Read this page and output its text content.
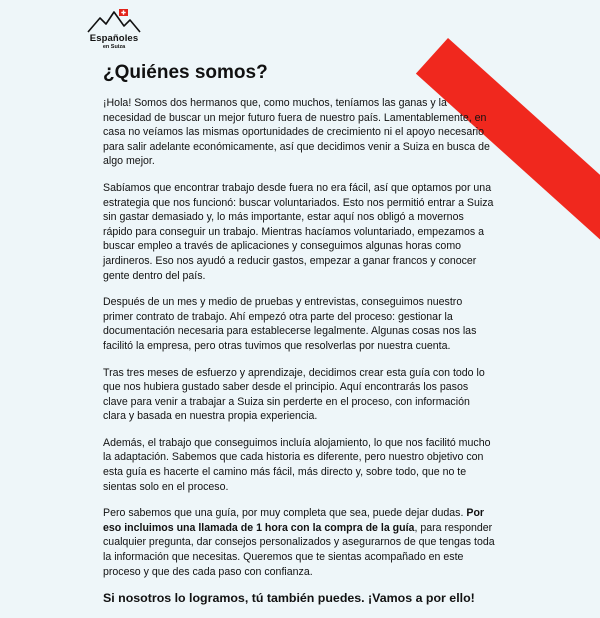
Españoles
en Suiza
¿Quiénes somos?

¡Hola! Somos dos hermanos que, como muchos, teníamos las ganas y la necesidad de buscar un mejor futuro fuera de nuestro país. Lamentablemente, en casa no veíamos las mismas oportunidades de crecimiento ni el apoyo necesario para salir adelante económicamente, así que decidimos venir a Suiza en busca de algo mejor.

Sabíamos que encontrar trabajo desde fuera no era fácil, así que optamos por una estrategia que nos funcionó: buscar voluntariados. Esto nos permitió entrar a Suiza sin gastar demasiado y, lo más importante, estar aquí nos obligó a movernos rápido para conseguir un trabajo. Mientras hacíamos voluntariado, empezamos a buscar empleo a través de aplicaciones y conseguimos algunas horas como jardineros. Eso nos ayudó a reducir gastos, empezar a ganar francos y conocer gente dentro del país.

Después de un mes y medio de pruebas y entrevistas, conseguimos nuestro primer contrato de trabajo. Ahí empezó otra parte del proceso: gestionar la documentación necesaria para establecerse legalmente. Algunas cosas nos las facilitó la empresa, pero otras tuvimos que resolverlas por nuestra cuenta.

Tras tres meses de esfuerzo y aprendizaje, decidimos crear esta guía con todo lo que nos hubiera gustado saber desde el principio. Aquí encontrarás los pasos clave para venir a trabajar a Suiza sin perderte en el proceso, con información clara y basada en nuestra propia experiencia.

Además, el trabajo que conseguimos incluía alojamiento, lo que nos facilitó mucho la adaptación. Sabemos que cada historia es diferente, pero nuestro objetivo con esta guía es hacerte el camino más fácil, más directo y, sobre todo, que no te sientas solo en el proceso.

Pero sabemos que una guía, por muy completa que sea, puede dejar dudas. Por eso incluimos una llamada de 1 hora con la compra de la guía, para responder cualquier pregunta, dar consejos personalizados y asegurarnos de que tengas toda la información que necesitas. Queremos que te sientas acompañado en este proceso y que des cada paso con confianza.

Si nosotros lo logramos, tú también puedes. ¡Vamos a por ello!
